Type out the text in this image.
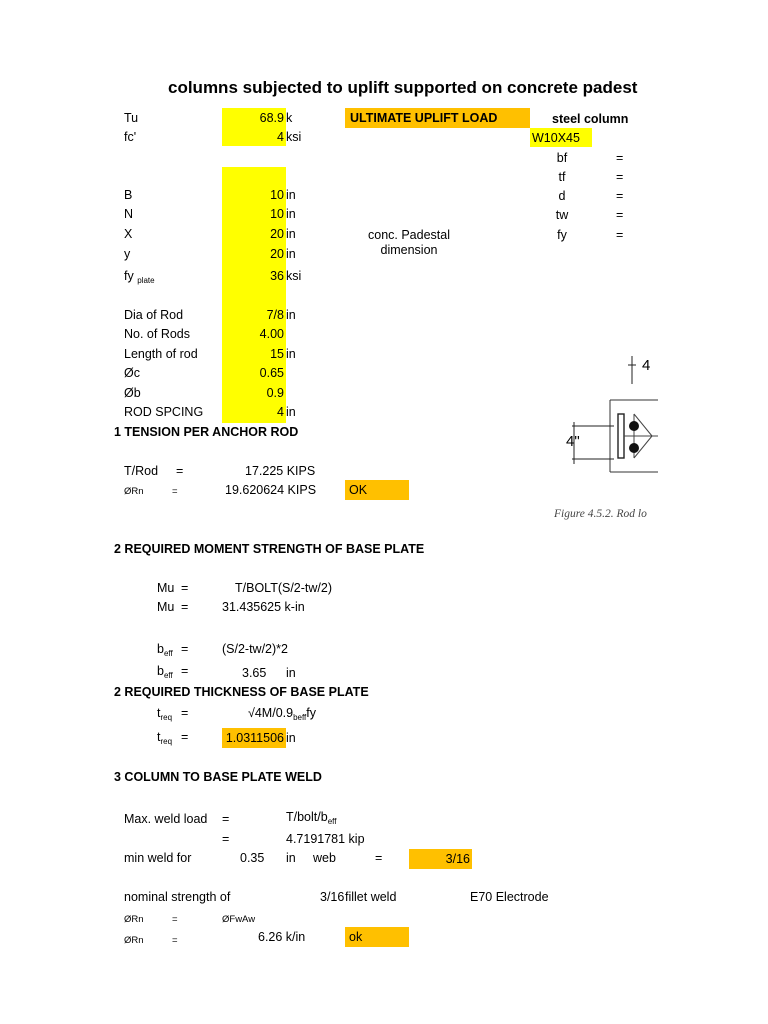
columns subjected to uplift supported on concrete padest
Tu	68.9 k
fc'	4 ksi
ULTIMATE UPLIFT LOAD
B	10 in
N	10 in
X	20 in
y	20 in
fy $_{plate}$	36 ksi
conc. Padestal dimension
Dia of Rod	7/8 in
No. of Rods	4.00
Length of rod	15 in
Øc	0.65
Øb	0.9
ROD SPCING	4 in
steel column
W10X45
bf	=
tf	=
d	=
tw	=
fy	=
4
4"
Figure 4.5.2. Rod lo
1 TENSION PER ANCHOR ROD
T/Rod =	17.225 KIPS
ØRn	=	19.620624 KIPS	OK
2 REQUIRED MOMENT STRENGTH OF BASE PLATE
Mu =	T/BOLT(S/2-tw/2)
Mu =	31.435625 k-in
$b_{eff}$ =	(S/2-tw/2)*2
$b_{eff}$ =	3.65 in
2 REQUIRED THICKNESS OF BASE PLATE
$t_{req}$ =	$√4M/0.9_{beff}fy$
$t_{req}$ =	1.0311506 in
3 COLUMN TO BASE PLATE WELD
Max. weld load =	$T/bolt/b_{eff}$
=	4.7191781 kip
min weld for	0.35 in web	=	3/16
nominal strength of	3/16 fillet weld	E70 Electrode
ØRn	=	ØFwAw
ØRn	=	6.26 k/in	ok
